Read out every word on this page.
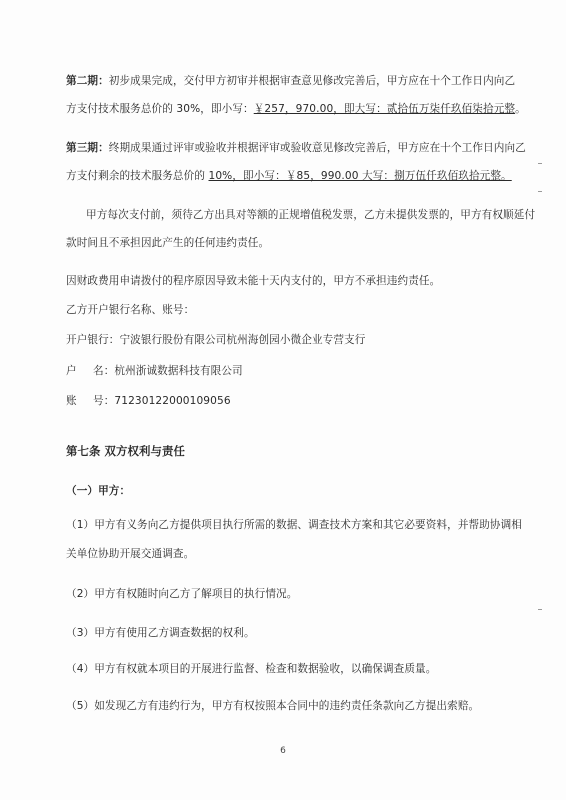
第二期：初步成果完成，交付甲方初审并根据审查意见修改完善后，甲方应在十个工作日内向乙
方支付技术服务总价的 30%，即小写：￥257，970.00，即大写：贰拾伍万柒仟玖佰柒拾元整。
第三期：终期成果通过评审或验收并根据评审或验收意见修改完善后，甲方应在十个工作日内向乙
方支付剩余的技术服务总价的 10%，即小写：￥85，990.00 大写：捌万伍仟玖佰玖拾元整。
甲方每次支付前，须待乙方出具对等额的正规增值税发票，乙方未提供发票的，甲方有权顺延付
款时间且不承担因此产生的任何违约责任。
因财政费用申请拨付的程序原因导致未能十天内支付的，甲方不承担违约责任。
乙方开户银行名称、账号：
开户银行：宁波银行股份有限公司杭州海创园小微企业专营支行
户 名：杭州浙诚数据科技有限公司
账 号：71230122000109056
第七条 双方权利与责任
（一）甲方：
（1）甲方有义务向乙方提供项目执行所需的数据、调查技术方案和其它必要资料，并帮助协调相
关单位协助开展交通调查。
（2）甲方有权随时向乙方了解项目的执行情况。
（3）甲方有使用乙方调查数据的权利。
（4）甲方有权就本项目的开展进行监督、检查和数据验收，以确保调查质量。
（5）如发现乙方有违约行为，甲方有权按照本合同中的违约责任条款向乙方提出索赔。
6
